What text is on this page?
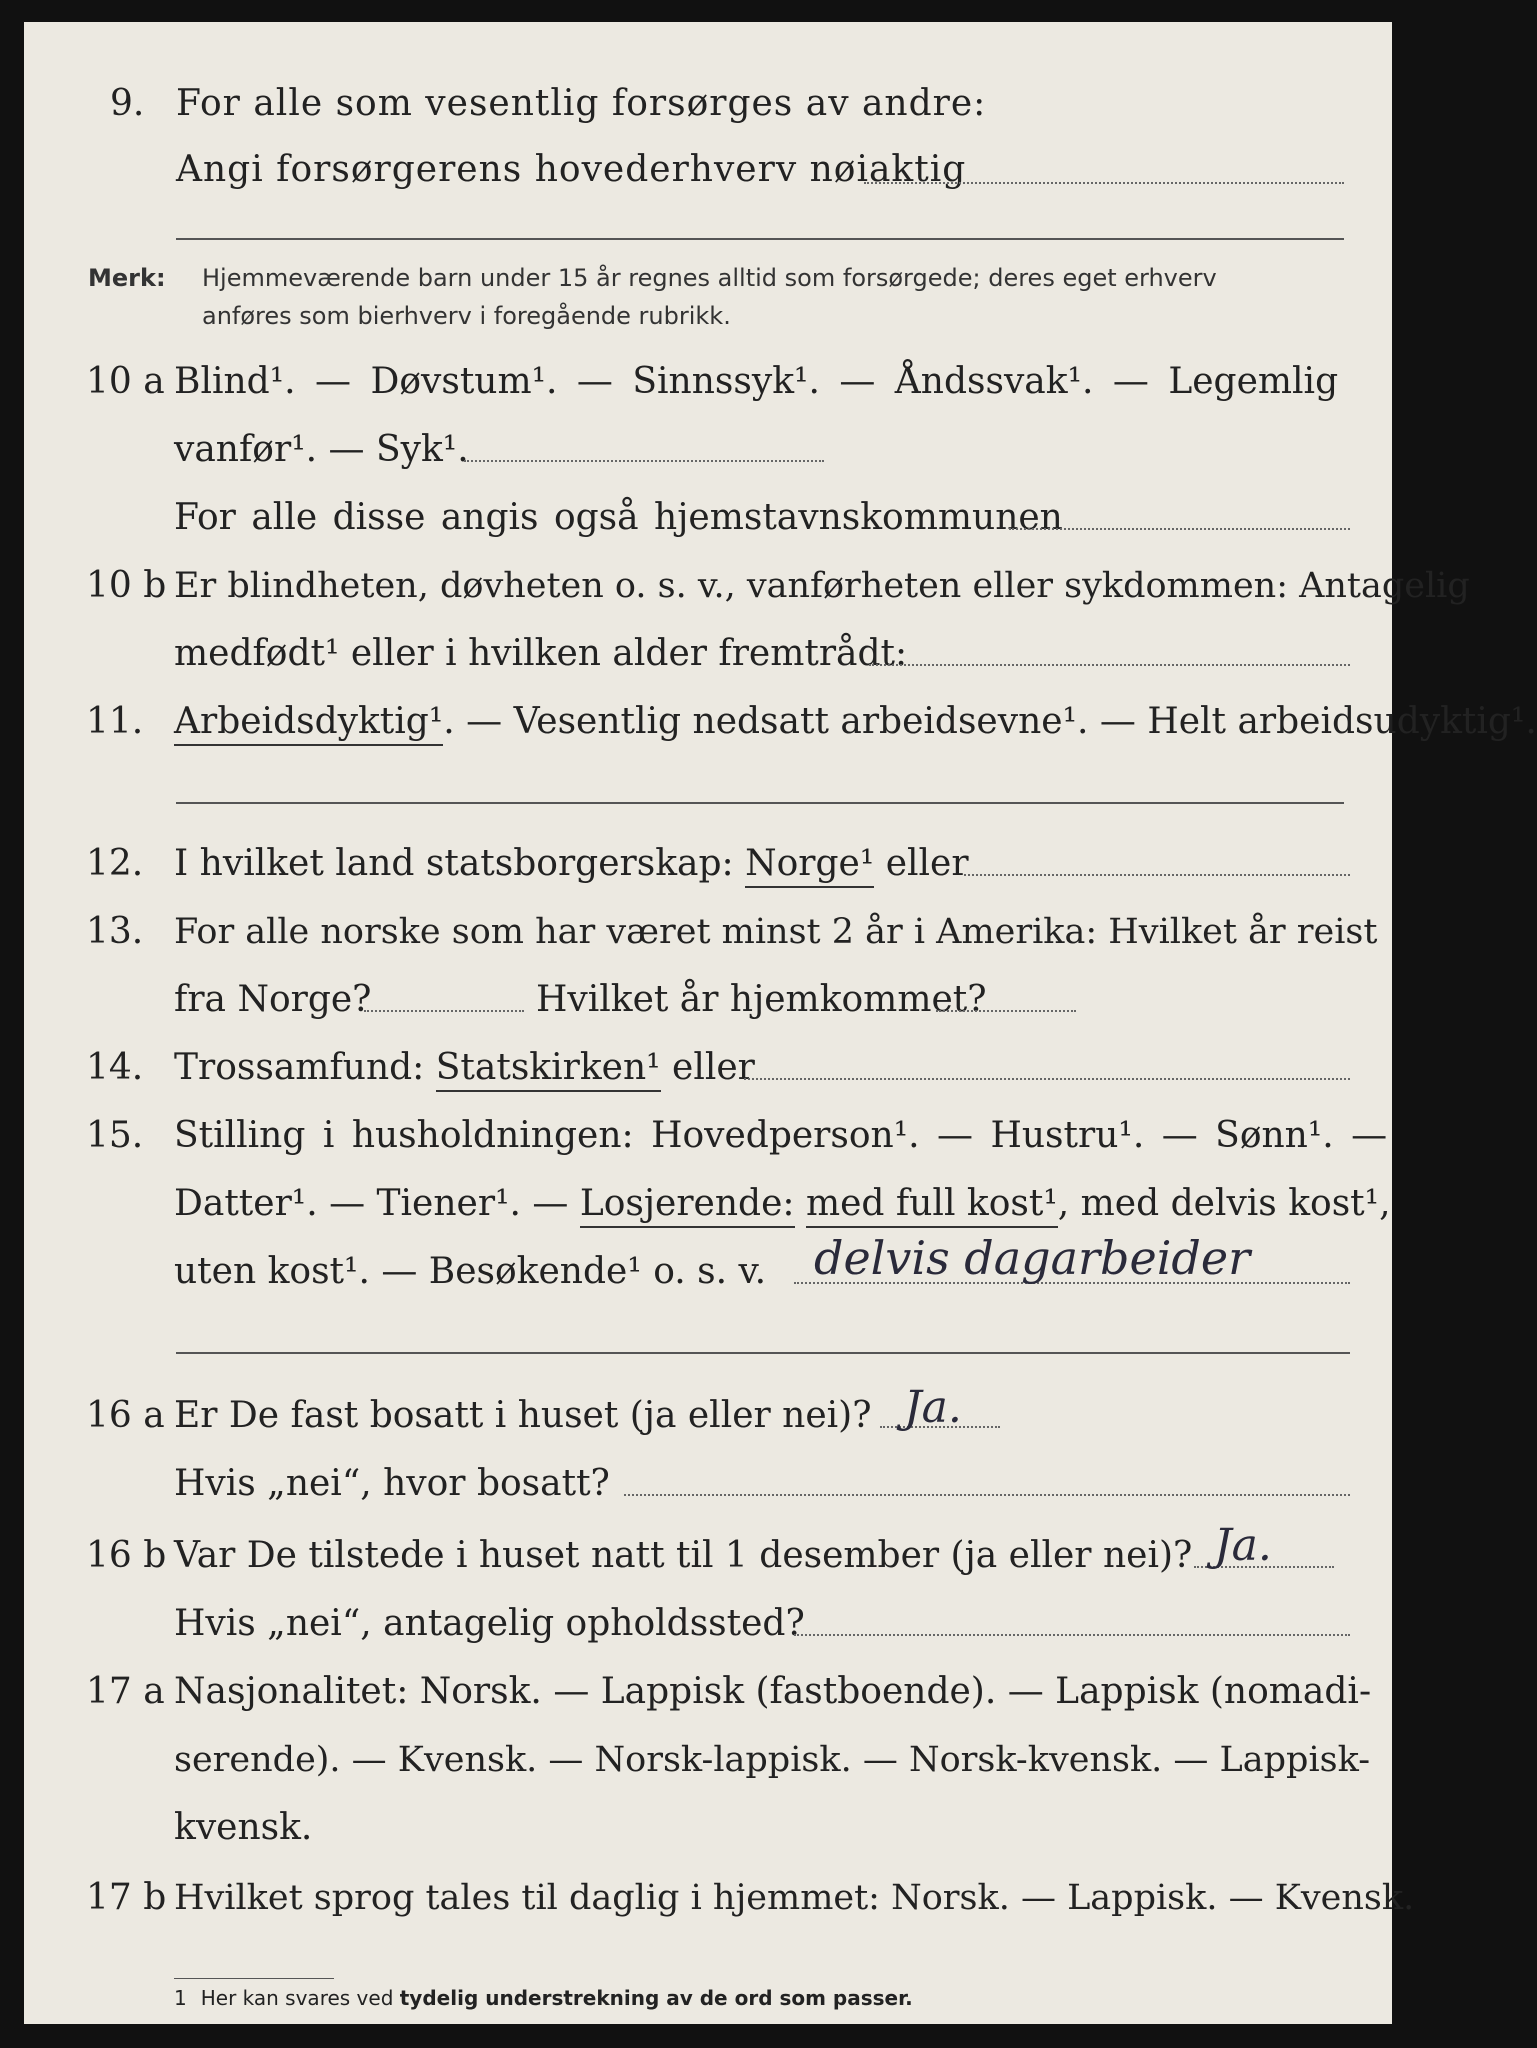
9. For alle som vesentlig forsørges av andre:
Angi forsørgerens hovederhverv nøiaktig
Merk: Hjemmeværende barn under 15 år regnes alltid som forsørgede; deres eget erhverv
anføres som bierhverv i foregående rubrikk.
10 a Blind¹. — Døvstum¹. — Sinnssyk¹. — Åndssvak¹. — Legemlig
vanfør¹. — Syk¹.
For alle disse angis også hjemstavnskommunen
10 b Er blindheten, døvheten o. s. v., vanførheten eller sykdommen: Antagelig
medfødt¹ eller i hvilken alder fremtrådt:
11. Arbeidsdyktig¹. — Vesentlig nedsatt arbeidsevne¹. — Helt arbeidsudyktig¹.
12. I hvilket land statsborgerskap: Norge¹ eller
13. For alle norske som har været minst 2 år i Amerika: Hvilket år reist
fra Norge?	Hvilket år hjemkommet?
14. Trossamfund: Statskirken¹ eller
15. Stilling i husholdningen: Hovedperson¹. — Hustru¹. — Sønn¹. —
Datter¹. — Tiener¹. — Losjerende: med full kost¹, med delvis kost¹,
uten kost¹. — Besøkende¹ o. s. v. delvis dagarbeider
16 a Er De fast bosatt i huset (ja eller nei)? Ja.
Hvis „nei“, hvor bosatt?
16 b Var De tilstede i huset natt til 1 desember (ja eller nei)? Ja.
Hvis „nei“, antagelig opholdssted?
17 a Nasjonalitet: Norsk. — Lappisk (fastboende). — Lappisk (nomadi-
serende). — Kvensk. — Norsk-lappisk. — Norsk-kvensk. — Lappisk-
kvensk.
17 b Hvilket sprog tales til daglig i hjemmet: Norsk. — Lappisk. — Kvensk.
1 Her kan svares ved tydelig understrekning av de ord som passer.
